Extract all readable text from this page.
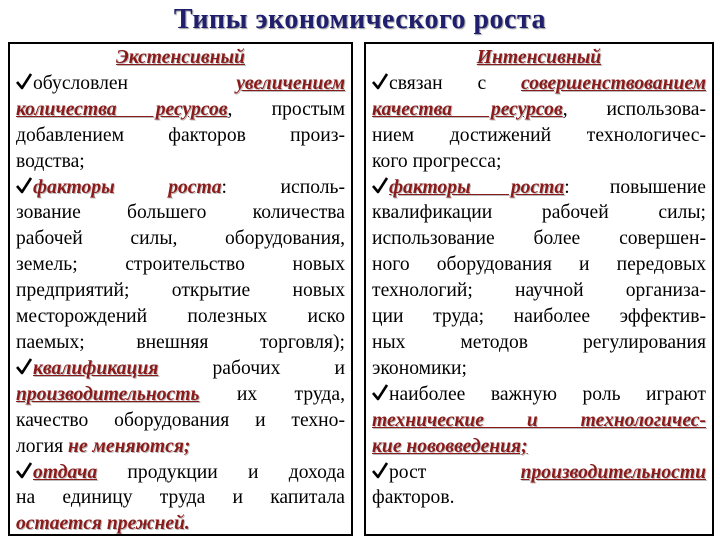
Типы экономического роста
Экстенсивный
обусловлен	увеличением
количества ресурсов, простым
добавлением факторов произ-
водства;
факторы роста: исполь-
зование большего количества
рабочей силы, оборудования,
земель; строительство новых
предприятий; открытие новых
месторождений полезных иско
паемых; внешняя торговля);
квалификация рабочих и
производительность их труда,
качество оборудования и техно-
логия не меняются;
отдача продукции и дохода
на единицу труда и капитала
остается прежней.
Интенсивный
связан с совершенствованием
качества ресурсов, использова-
нием достижений технологичес-
кого прогресса;
факторы роста: повышение
квалификации рабочей силы;
использование более совершен-
ного оборудования и передовых
технологий; научной организа-
ции труда; наиболее эффектив-
ных методов регулирования
экономики;
наиболее важную роль играют
технические и технологичес-
кие нововведения;
рост	производительности
факторов.
